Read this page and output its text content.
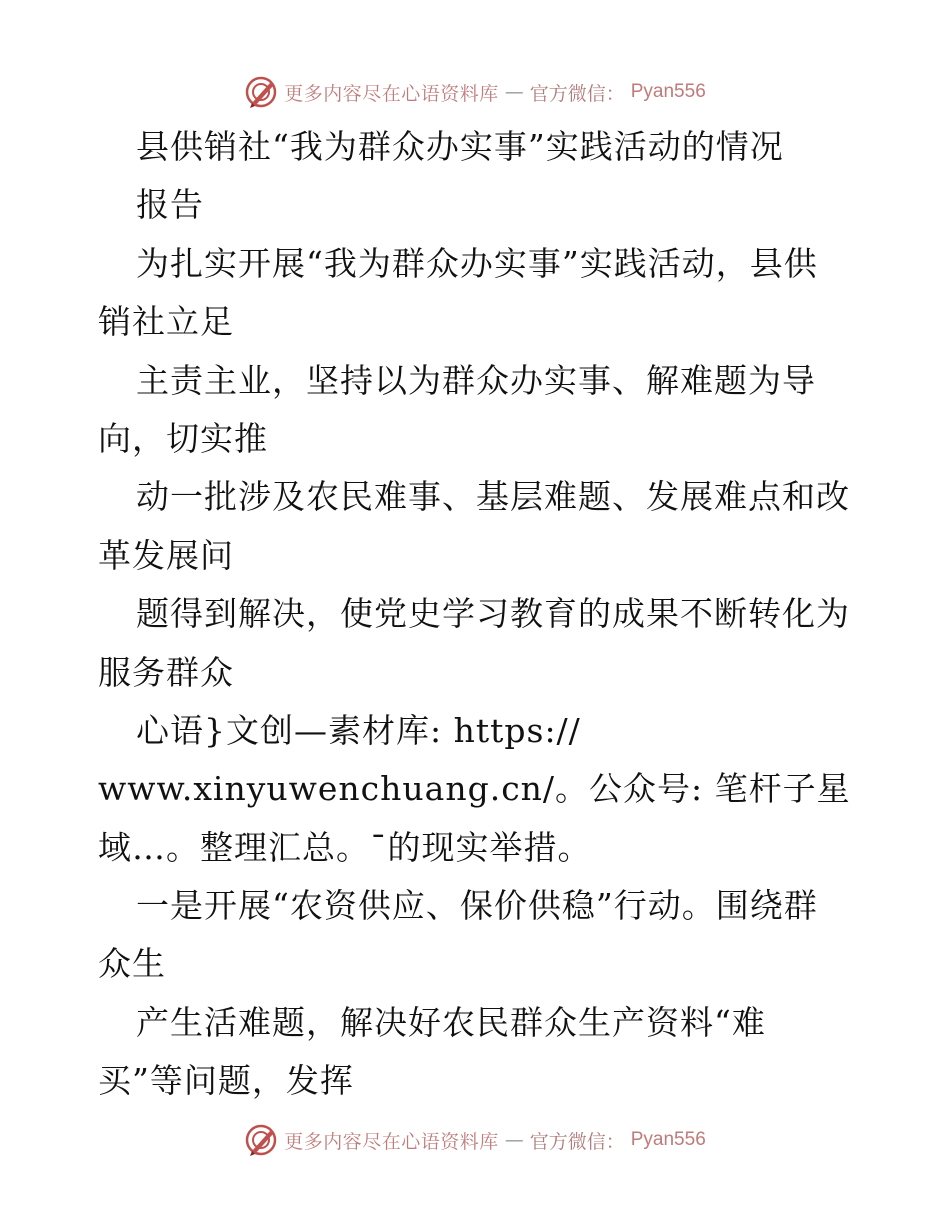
更多内容尽在心语资料库 — 官方微信： Pyan556
县供销社“我为群众办实事”实践活动的情况
报告
为扎实开展“我为群众办实事”实践活动，县供
销社立足
主责主业，坚持以为群众办实事、解难题为导
向，切实推
动一批涉及农民难事、基层难题、发展难点和改
革发展问
题得到解决，使党史学习教育的成果不断转化为
服务群众
心语}文创—素材库: https://
www.xinyuwenchuang.cn/。公众号: 笔杆子星
域…。整理汇总。¯的现实举措。
一是开展“农资供应、保价供稳”行动。围绕群
众生
产生活难题，解决好农民群众生产资料“难
买”等问题，发挥
更多内容尽在心语资料库 — 官方微信： Pyan556
